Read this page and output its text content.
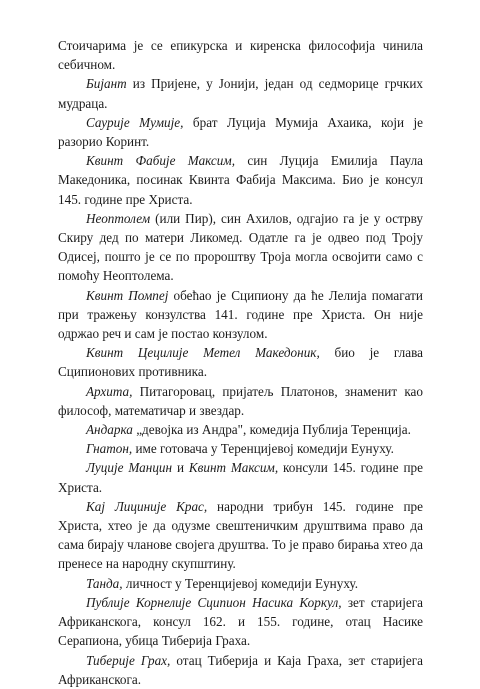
Стоичарима је се епикурска и киренска философија чинила себичном.

Бијант из Приjене, у Jонији, један од седморице грчких мудраца.

Саурије Мумије, брат Луциja Мумија Ахаика, који је разорио Коринт.

Квинт Фабије Максим, син Луција Емилија Паула Македоника, посинак Квинта Фабија Максима. Био је консул 145. године пре Христа.

Неоптолем (или Пир), син Ахилов, одгајио га је у острву Скиру дед по матери Ликомед. Одатле га је одвео под Троју Одисеj, пошто је се по пророштву Троја могла освојити само с помоћу Неоптолема.

Квинт Помпеј обећао је Сципиону да ће Лелија помагати при тражењу конзулства 141. године пре Христа. Он није одржао реч и сам је постао конзулом.

Квинт Цецилије Метел Македоник, био је глава Сципионових противника.

Архита, Питагоровац, пријатељ Платонов, знаменит као философ, математичар и звездар.

Андарка „девојка из Андра", комедија Публија Теренција.

Гнатон, име готовача у Теренцијевој комедији Еунуху.

Луције Манцин и Квинт Максим, консули 145. године пре Христа.

Кај Лициније Крас, народни трибун 145. године пре Христа, хтео је да одузме свештеничким друштвима право да сама бирају чланове својега друштва. То је право бирања хтео да пренесе на народну скупштину.

Танда, личност у Теренцијевој комедији Еунуху.

Публије Корнелије Сципион Насика Коркул, зет старијега Африканскога, консул 162. и 155. године, отац Насике Серапиона, убица Тиберија Граха.

Тиберије Грах, отац Тиберија и Каја Граха, зет старијега Африканскога.
